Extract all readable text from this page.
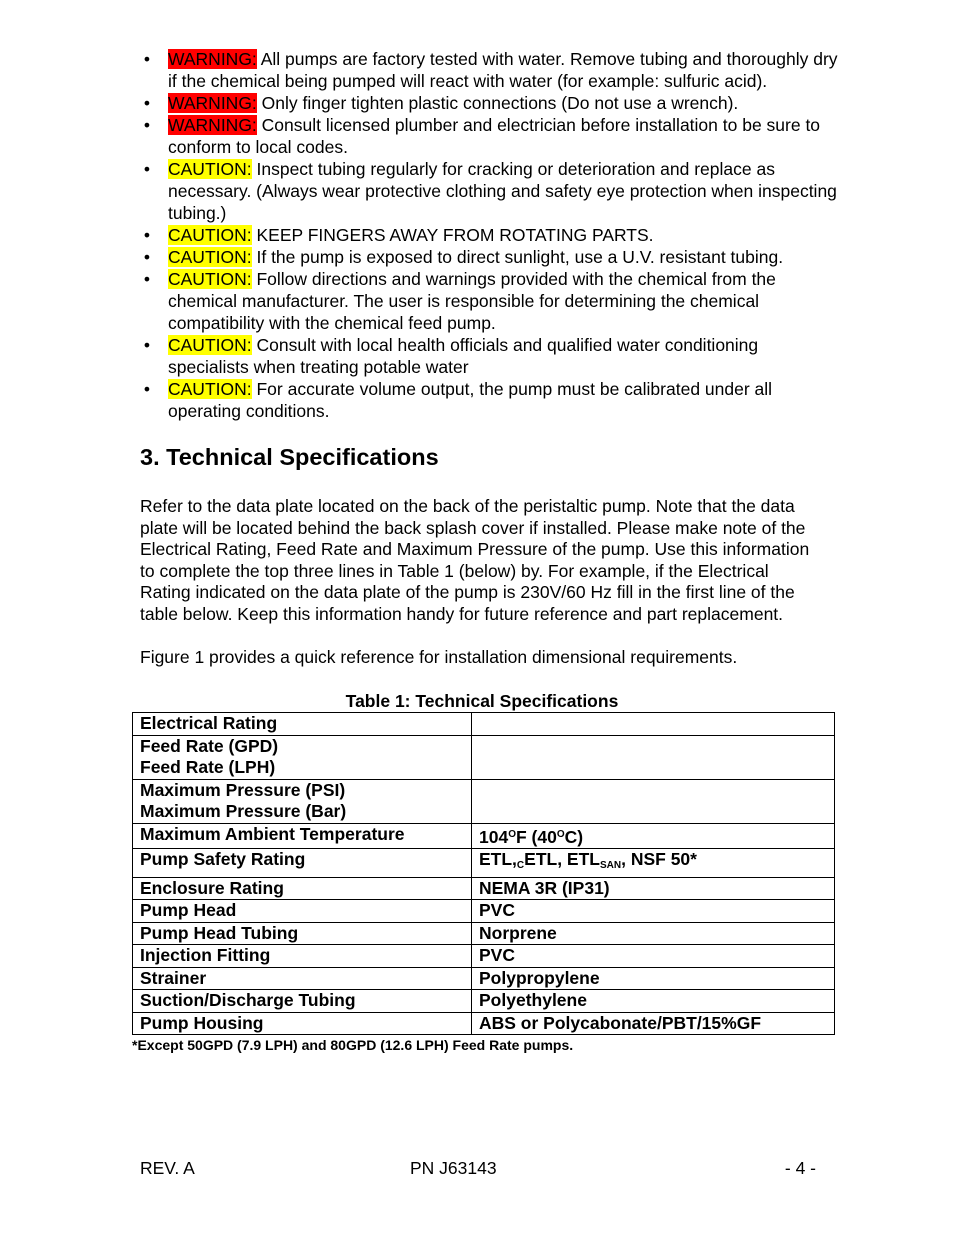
• WARNING: All pumps are factory tested with water. Remove tubing and thoroughly dry if the chemical being pumped will react with water (for example: sulfuric acid).
• WARNING: Only finger tighten plastic connections (Do not use a wrench).
• WARNING: Consult licensed plumber and electrician before installation to be sure to conform to local codes.
• CAUTION: Inspect tubing regularly for cracking or deterioration and replace as necessary. (Always wear protective clothing and safety eye protection when inspecting tubing.)
• CAUTION: KEEP FINGERS AWAY FROM ROTATING PARTS.
• CAUTION: If the pump is exposed to direct sunlight, use a U.V. resistant tubing.
• CAUTION: Follow directions and warnings provided with the chemical from the chemical manufacturer. The user is responsible for determining the chemical compatibility with the chemical feed pump.
• CAUTION: Consult with local health officials and qualified water conditioning specialists when treating potable water
• CAUTION: For accurate volume output, the pump must be calibrated under all operating conditions.
3. Technical Specifications

Refer to the data plate located on the back of the peristaltic pump. Note that the data plate will be located behind the back splash cover if installed. Please make note of the Electrical Rating, Feed Rate and Maximum Pressure of the pump. Use this information to complete the top three lines in Table 1 (below) by. For example, if the Electrical Rating indicated on the data plate of the pump is 230V/60 Hz fill in the first line of the table below. Keep this information handy for future reference and part replacement.

Figure 1 provides a quick reference for installation dimensional requirements.

Table 1: Technical Specifications
Electrical Rating	

Feed Rate (GPD)
Feed Rate (LPH)	

Maximum Pressure (PSI)
Maximum Pressure (Bar)	

Maximum Ambient Temperature	$104^OF$ $(40^OC)$
Pump Safety Rating	$ETL,_CETL$, $ETL_{SAN}$, NSF 50*
Enclosure Rating	NEMA 3R (IP31)
Pump Head	PVC
Pump Head Tubing	Norprene
Injection Fitting	PVC
Strainer	Polypropylene
Suction/Discharge Tubing	Polyethylene
Pump Housing	ABS or Polycabonate/PBT/15%GF
*Except 50GPD (7.9 LPH) and 80GPD (12.6 LPH) Feed Rate pumps.
REV. A	PN J63143	- 4 -
